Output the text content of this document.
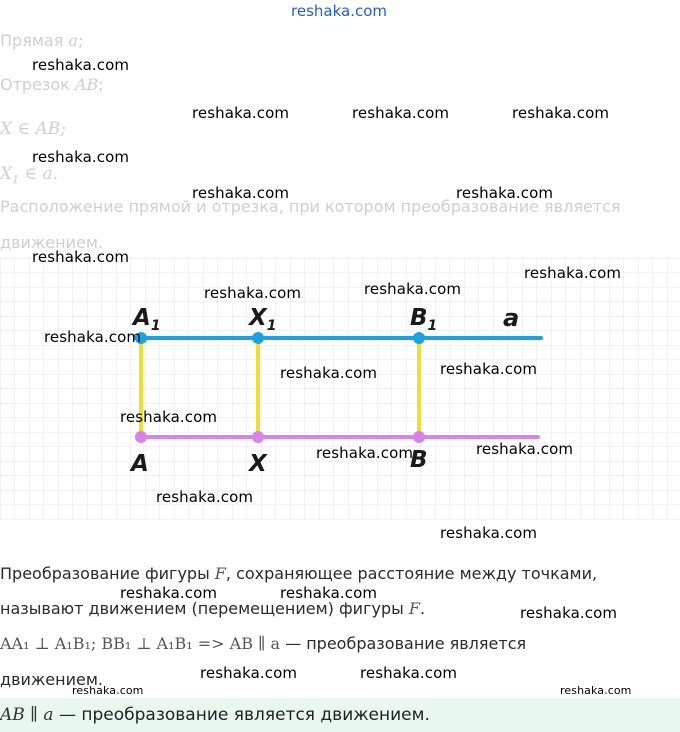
reshaka.com
Прямая a;
Отрезок AB;
X ∈ AB;
$X_1$ ∈ a.
Расположение прямой и отрезка, при котором преобразование является
движением.
$A_1$	$X_1$	$B_1$	a
A	X	B
Преобразование фигуры F, сохраняющее расстояние между точками,
называют движением (перемещением) фигуры F.
AA₁ ⊥ A₁B₁; BB₁ ⊥ A₁B₁ => AB ∥ a — преобразование является
движением.
AB ∥ a — преобразование является движением.
reshaka.com
reshaka.com	reshaka.com	reshaka.com
reshaka.com
reshaka.com	reshaka.com
reshaka.com
reshaka.com
reshaka.com	reshaka.com
reshaka.com
reshaka.com	reshaka.com
reshaka.com
reshaka.com	reshaka.com
reshaka.com
reshaka.com
reshaka.com	reshaka.com
reshaka.com
reshaka.com	reshaka.com
reshaka.com	reshaka.com
